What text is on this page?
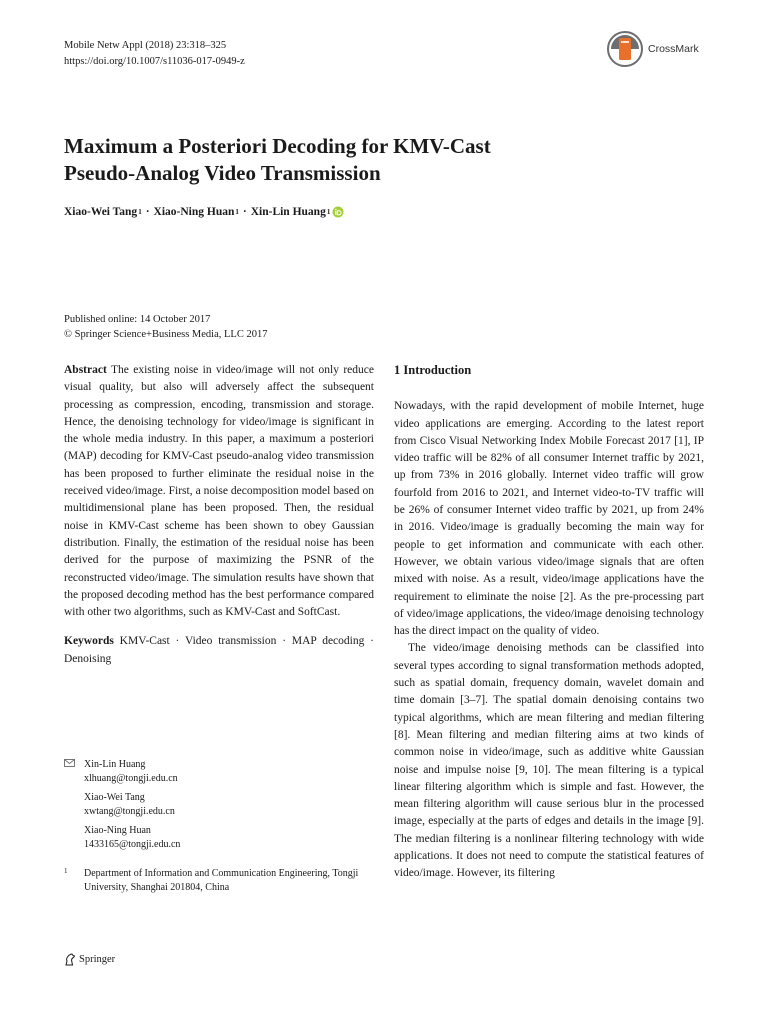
Mobile Netw Appl (2018) 23:318–325
https://doi.org/10.1007/s11036-017-0949-z
CrossMark
Maximum a Posteriori Decoding for KMV-Cast
Pseudo-Analog Video Transmission
Xiao-Wei Tang 1 · Xiao-Ning Huan 1 · Xin-Lin Huang 1
Published online: 14 October 2017
© Springer Science+Business Media, LLC 2017

Abstract The existing noise in video/image will not only reduce visual quality, but also will adversely affect the subsequent processing as compression, encoding, transmission and storage. Hence, the denoising technology for video/image is significant in the whole media industry. In this paper, a maximum a posteriori (MAP) decoding for KMV-Cast pseudo-analog video transmission has been proposed to further eliminate the residual noise in the received video/image. First, a noise decomposition model based on multidimensional plane has been proposed. Then, the residual noise in KMV-Cast scheme has been shown to obey Gaussian distribution. Finally, the estimation of the residual noise has been derived for the purpose of maximizing the PSNR of the reconstructed video/image. The simulation results have shown that the proposed decoding method has the best performance compared with other two algorithms, such as KMV-Cast and SoftCast.

Keywords KMV-Cast · Video transmission · MAP decoding · Denoising

Xin-Lin Huang
xlhuang@tongji.edu.cn
Xiao-Wei Tang
xwtang@tongji.edu.cn
Xiao-Ning Huan
1433165@tongji.edu.cn
1 Department of Information and Communication Engineering, Tongji University, Shanghai 201804, China
1 Introduction

Nowadays, with the rapid development of mobile Internet, huge video applications are emerging. According to the latest report from Cisco Visual Networking Index Mobile Forecast 2017 [1], IP video traffic will be 82% of all consumer Internet traffic by 2021, up from 73% in 2016 globally. Internet video traffic will grow fourfold from 2016 to 2021, and Internet video-to-TV traffic will be 26% of consumer Internet video traffic by 2021, up from 24% in 2016. Video/image is gradually becoming the main way for people to get information and communicate with each other. However, we obtain various video/image signals that are often mixed with noise. As a result, video/image applications have the requirement to eliminate the noise [2]. As the pre-processing part of video/image applications, the video/image denoising technology has the direct impact on the quality of video.

The video/image denoising methods can be classified into several types according to signal transformation methods adopted, such as spatial domain, frequency domain, wavelet domain and time domain [3–7]. The spatial domain denoising contains two typical algorithms, which are mean filtering and median filtering [8]. Mean filtering and median filtering aims at two kinds of common noise in video/image, such as additive white Gaussian noise and impulse noise [9, 10]. The mean filtering is a typical linear filtering algorithm which is simple and fast. However, the mean filtering algorithm will cause serious blur in the processed image, especially at the parts of edges and details in the image [9]. The median filtering is a nonlinear filtering technology with wide applications. It does not need to compute the statistical features of video/image. However, its filtering

Springer
